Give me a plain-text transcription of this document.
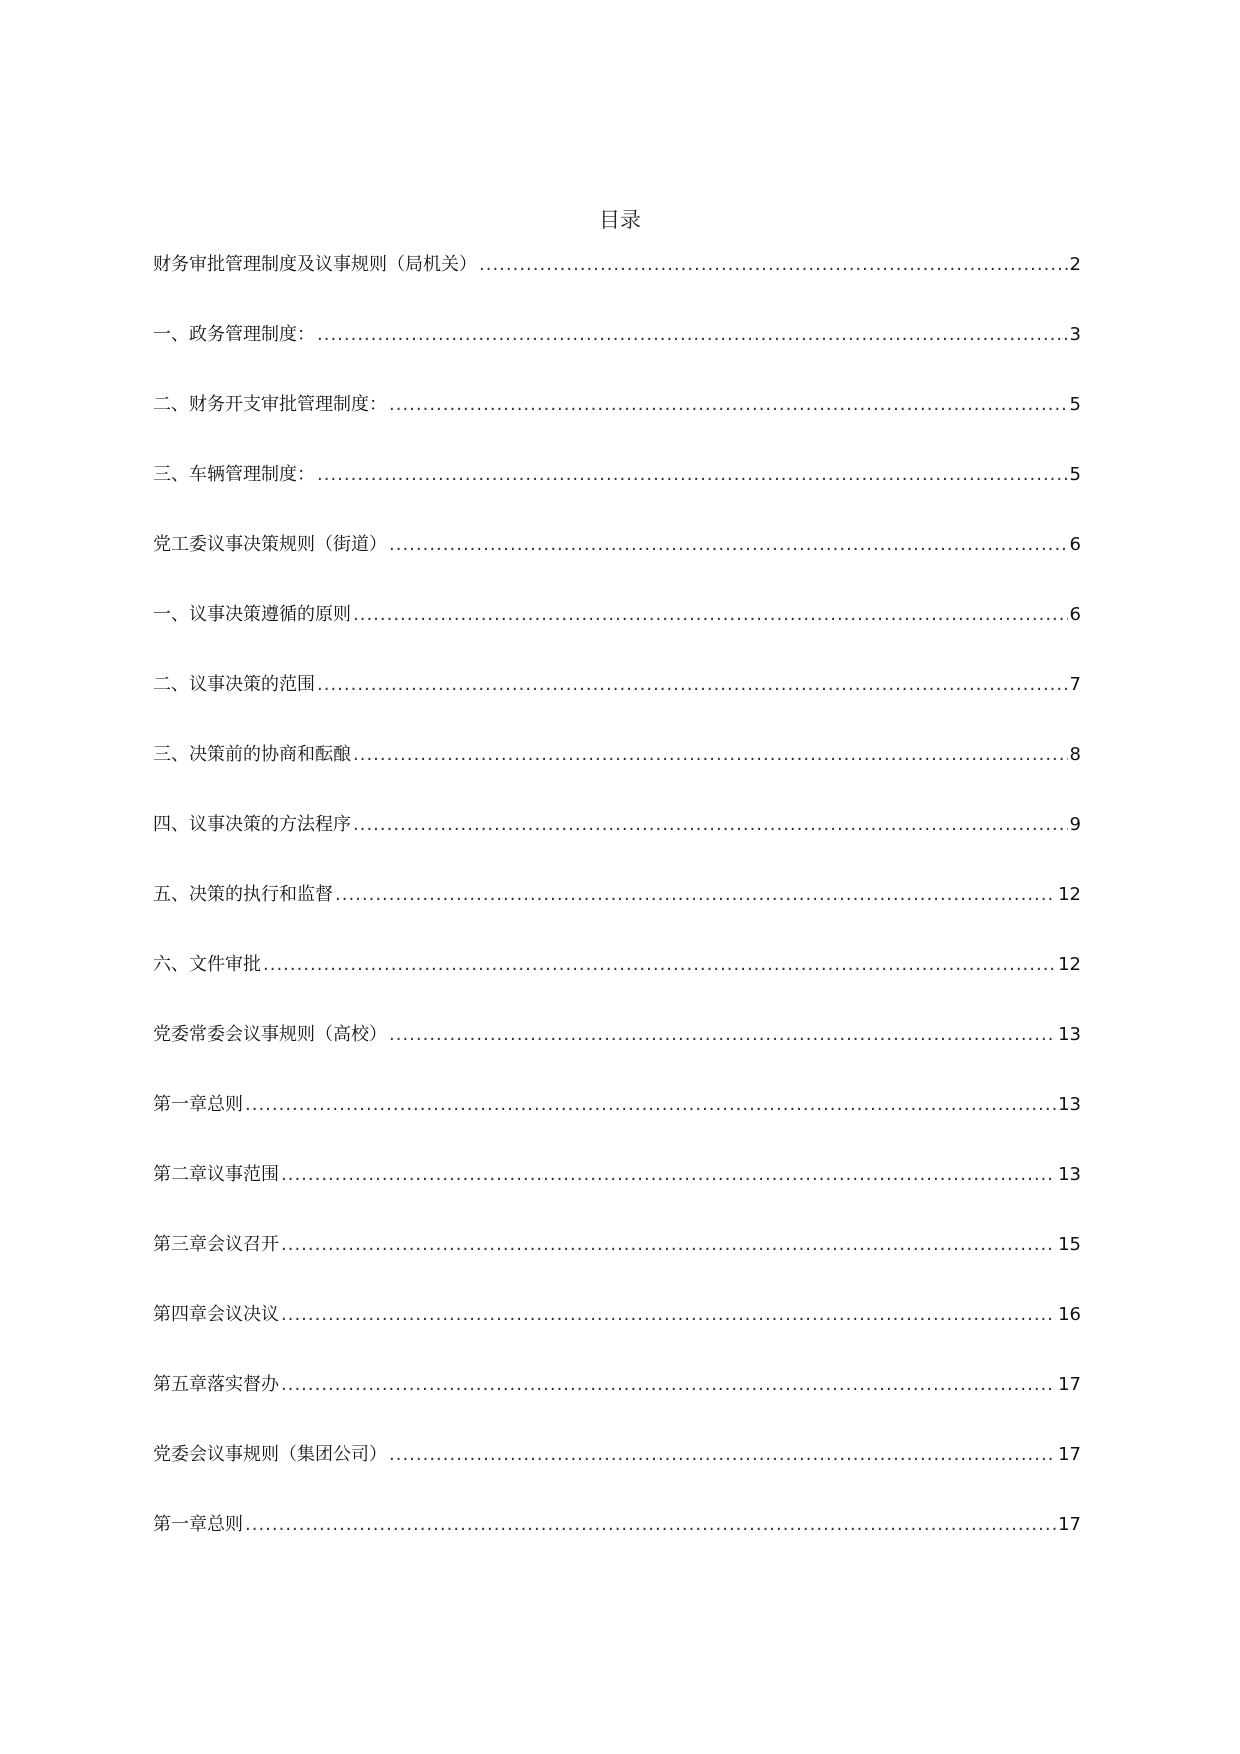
目录
财务审批管理制度及议事规则（局机关） .....	2
一、政务管理制度： .....	3
二、财务开支审批管理制度： .....	5
三、车辆管理制度： .....	5
党工委议事决策规则（街道） .....	6
一、议事决策遵循的原则 .....	6
二、议事决策的范围 .....	7
三、决策前的协商和酝酿 .....	8
四、议事决策的方法程序 .....	9
五、决策的执行和监督 .....	12
六、文件审批 .....	12
党委常委会议事规则（高校） .....	13
第一章总则 .....	13
第二章议事范围 .....	13
第三章会议召开 .....	15
第四章会议决议 .....	16
第五章落实督办 .....	17
党委会议事规则（集团公司） .....	17
第一章总则 .....	17
